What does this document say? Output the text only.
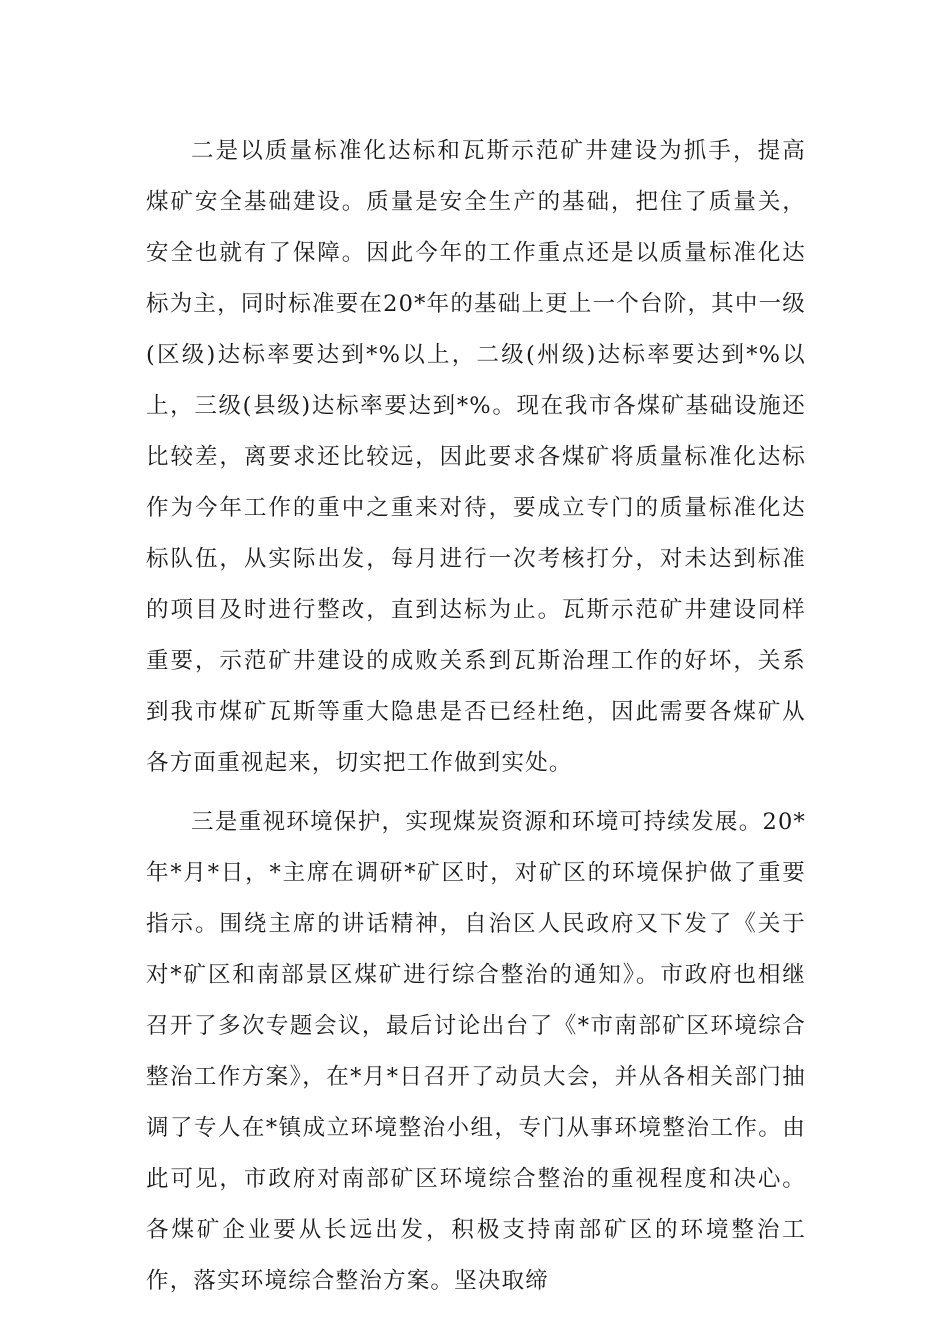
二是以质量标准化达标和瓦斯示范矿井建设为抓手，提高煤矿安全基础建设。质量是安全生产的基础，把住了质量关，安全也就有了保障。因此今年的工作重点还是以质量标准化达标为主，同时标准要在20*年的基础上更上一个台阶，其中一级(区级)达标率要达到*%以上，二级(州级)达标率要达到*%以上，三级(县级)达标率要达到*%。现在我市各煤矿基础设施还比较差，离要求还比较远，因此要求各煤矿将质量标准化达标作为今年工作的重中之重来对待，要成立专门的质量标准化达标队伍，从实际出发，每月进行一次考核打分，对未达到标准的项目及时进行整改，直到达标为止。瓦斯示范矿井建设同样重要，示范矿井建设的成败关系到瓦斯治理工作的好坏，关系到我市煤矿瓦斯等重大隐患是否已经杜绝，因此需要各煤矿从各方面重视起来，切实把工作做到实处。

三是重视环境保护，实现煤炭资源和环境可持续发展。20*年*月*日，*主席在调研*矿区时，对矿区的环境保护做了重要指示。围绕主席的讲话精神，自治区人民政府又下发了《关于对*矿区和南部景区煤矿进行综合整治的通知》。市政府也相继召开了多次专题会议，最后讨论出台了《*市南部矿区环境综合整治工作方案》，在*月*日召开了动员大会，并从各相关部门抽调了专人在*镇成立环境整治小组，专门从事环境整治工作。由此可见，市政府对南部矿区环境综合整治的重视程度和决心。各煤矿企业要从长远出发，积极支持南部矿区的环境整治工作，落实环境综合整治方案。坚决取缔
